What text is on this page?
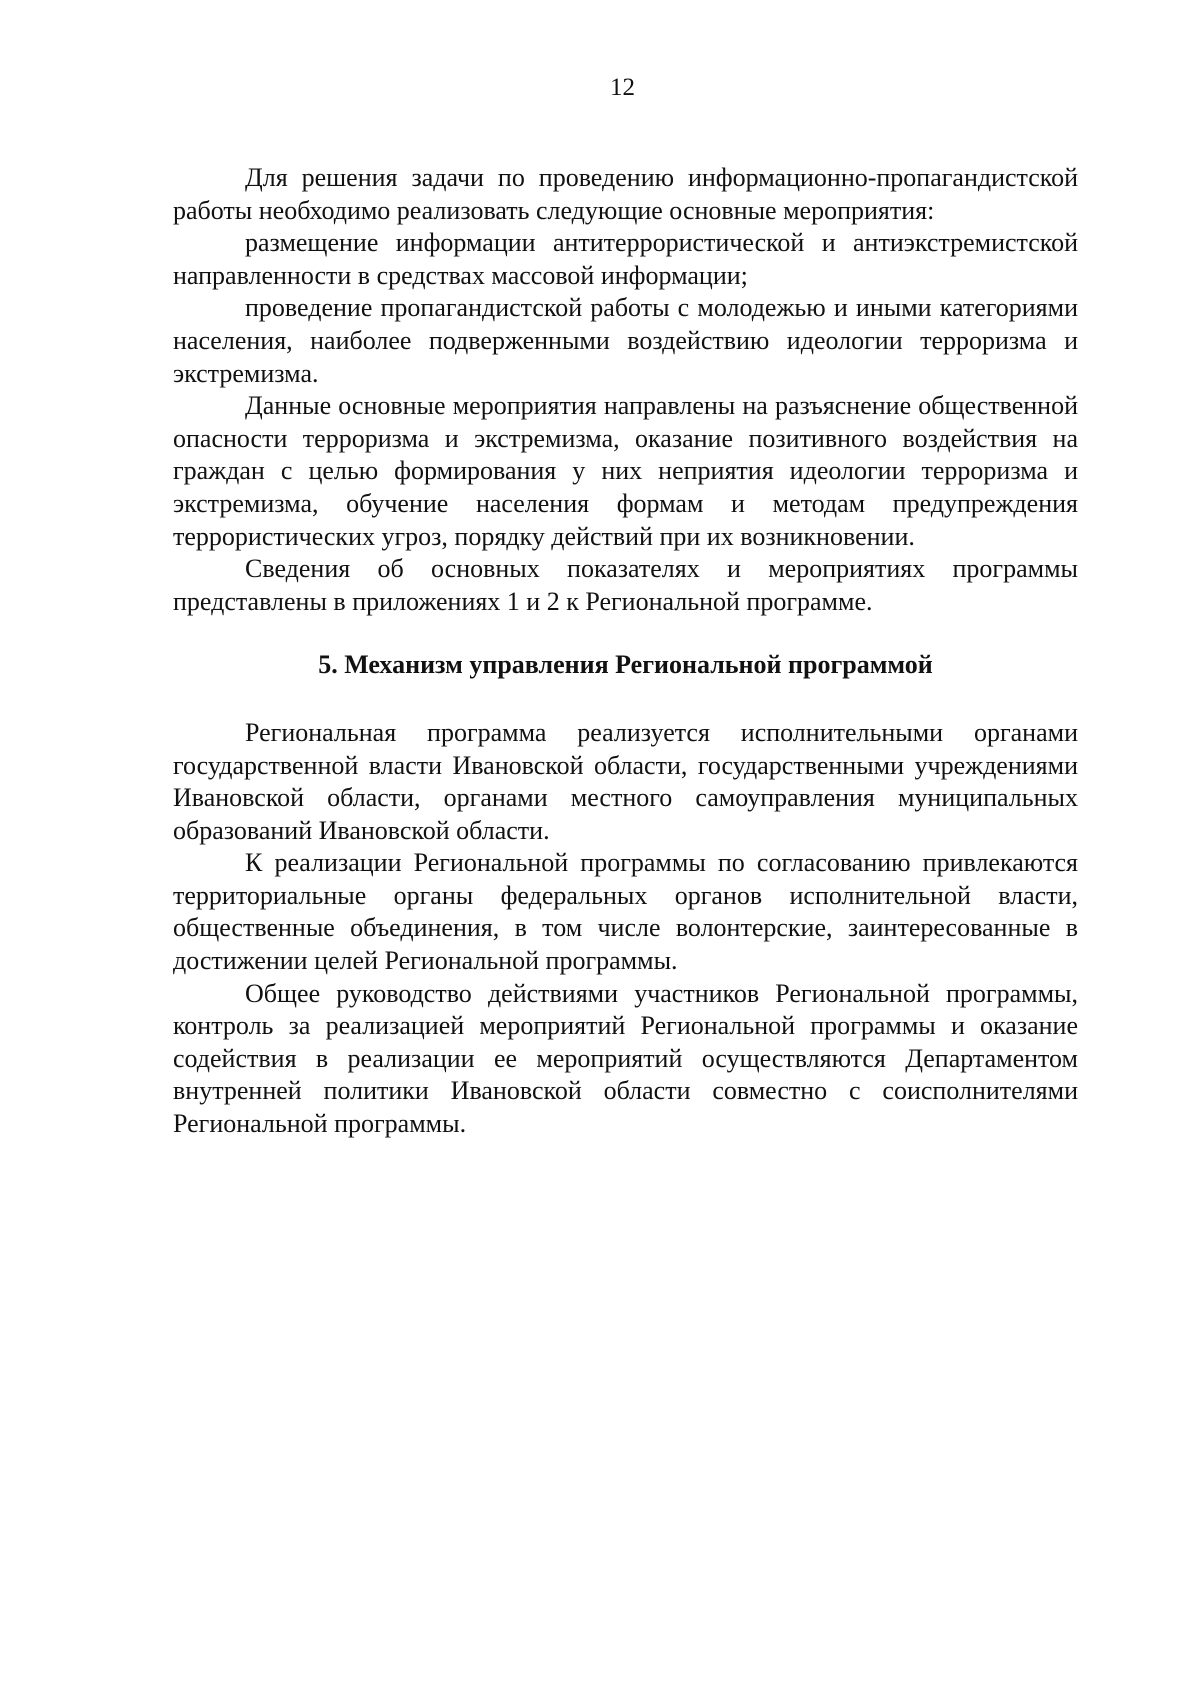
12

Для решения задачи по проведению информационно-пропагандистской работы необходимо реализовать следующие основные мероприятия:

размещение информации антитеррористической и антиэкстремистской направленности в средствах массовой информации;

проведение пропагандистской работы с молодежью и иными категориями населения, наиболее подверженными воздействию идеологии терроризма и экстремизма.

Данные основные мероприятия направлены на разъяснение общественной опасности терроризма и экстремизма, оказание позитивного воздействия на граждан с целью формирования у них неприятия идеологии терроризма и экстремизма, обучение населения формам и методам предупреждения террористических угроз, порядку действий при их возникновении.

Сведения об основных показателях и мероприятиях программы представлены в приложениях 1 и 2 к Региональной программе.

5. Механизм управления Региональной программой

Региональная программа реализуется исполнительными органами государственной власти Ивановской области, государственными учреждениями Ивановской области, органами местного самоуправления муниципальных образований Ивановской области.

К реализации Региональной программы по согласованию привлекаются территориальные органы федеральных органов исполнительной власти, общественные объединения, в том числе волонтерские, заинтересованные в достижении целей Региональной программы.

Общее руководство действиями участников Региональной программы, контроль за реализацией мероприятий Региональной программы и оказание содействия в реализации ее мероприятий осуществляются Департаментом внутренней политики Ивановской области совместно с соисполнителями Региональной программы.
